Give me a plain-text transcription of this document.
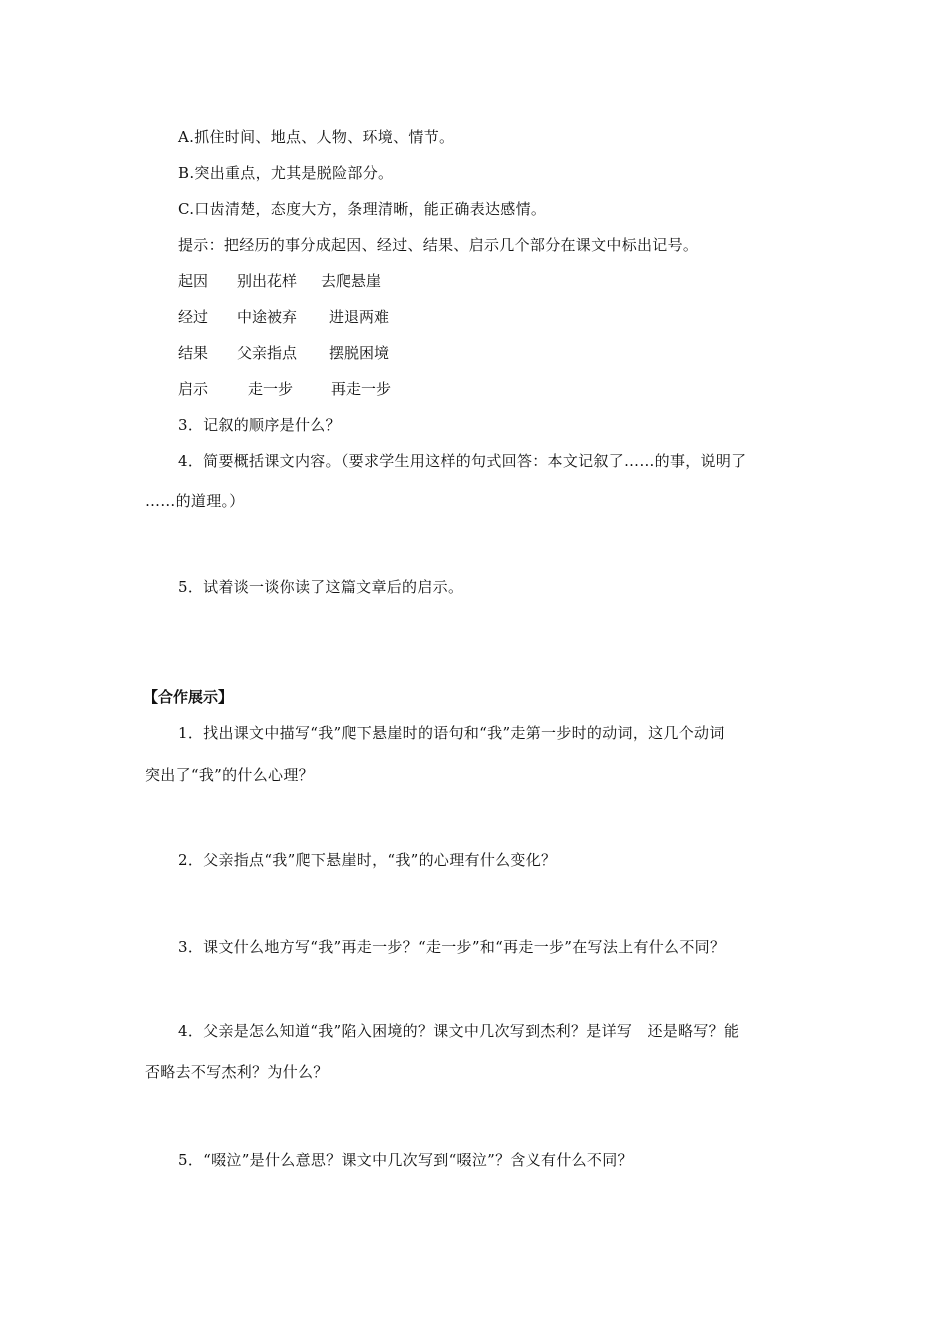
A.抓住时间、地点、人物、环境、情节。
B.突出重点，尤其是脱险部分。
C.口齿清楚，态度大方，条理清晰，能正确表达感情。
提示：把经历的事分成起因、经过、结果、启示几个部分在课文中标出记号。
起因 别出花样 去爬悬崖
经过 中途被弃 进退两难
结果 父亲指点 摆脱困境
启示	走一步	再走一步
3．记叙的顺序是什么？
4．简要概括课文内容。（要求学生用这样的句式回答：本文记叙了……的事，说明了
……的道理。）
5．试着谈一谈你读了这篇文章后的启示。
【合作展示】
1．找出课文中描写“我”爬下悬崖时的语句和“我”走第一步时的动词，这几个动词
突出了“我”的什么心理？
2．父亲指点“我”爬下悬崖时，“我”的心理有什么变化？
3．课文什么地方写“我”再走一步？“走一步”和“再走一步”在写法上有什么不同？
4．父亲是怎么知道“我”陷入困境的？课文中几次写到杰利？是详写　还是略写？能
否略去不写杰利？为什么？
5．“啜泣”是什么意思？课文中几次写到“啜泣”？含义有什么不同？
